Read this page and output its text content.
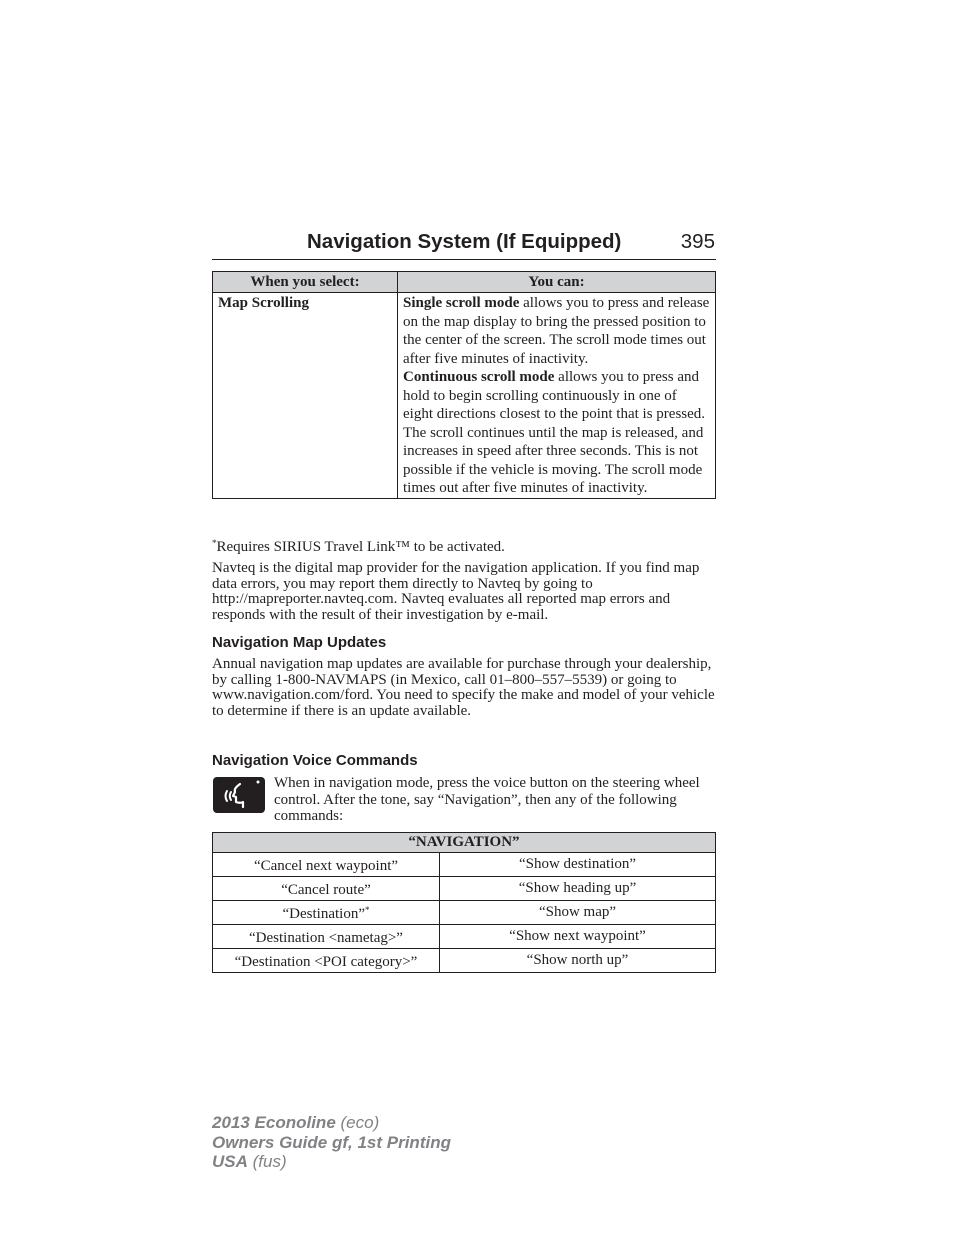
Navigation System (If Equipped)	395
When you select:	You can:
Map Scrolling	Single scroll mode allows you to press and release on the map display to bring the pressed position to the center of the screen. The scroll mode times out after five minutes of inactivity.
Continuous scroll mode allows you to press and hold to begin scrolling continuously in one of eight directions closest to the point that is pressed. The scroll continues until the map is released, and increases in speed after three seconds. This is not possible if the vehicle is moving. The scroll mode times out after five minutes of inactivity.
*Requires SIRIUS Travel Link™ to be activated.
Navteq is the digital map provider for the navigation application. If you find map data errors, you may report them directly to Navteq by going to http://mapreporter.navteq.com. Navteq evaluates all reported map errors and responds with the result of their investigation by e-mail.
Navigation Map Updates
Annual navigation map updates are available for purchase through your dealership, by calling 1-800-NAVMAPS (in Mexico, call 01–800–557–5539) or going to www.navigation.com/ford. You need to specify the make and model of your vehicle to determine if there is an update available.
Navigation Voice Commands
When in navigation mode, press the voice button on the steering wheel control. After the tone, say “Navigation”, then any of the following commands:
“NAVIGATION”	
“Cancel next waypoint”	“Show destination”
“Cancel route”	“Show heading up”
“Destination”*	“Show map”
“Destination <nametag>”	“Show next waypoint”
“Destination <POI category>”	“Show north up”
2013 Econoline (eco)
Owners Guide gf, 1st Printing
USA (fus)
